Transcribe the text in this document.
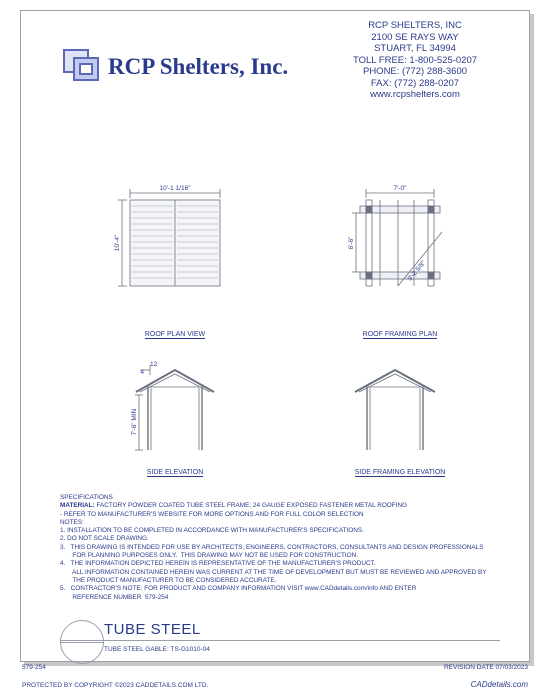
RCP Shelters, Inc.
RCP SHELTERS, INC
2100 SE RAYS WAY
STUART, FL 34994
TOLL FREE: 1-800-525-0207
PHONE: (772) 288-3600
FAX: (772) 288-0207
www.rcpshelters.com
10'-1 1/16"
10'-4"
7'-0"
6'-6"
9'-2 5/8"
12
4
7'-6" MIN
ROOF PLAN VIEW	ROOF FRAMING PLAN
SIDE ELEVATION	SIDE FRAMING ELEVATION
SPECIFICATIONS
MATERIAL: FACTORY POWDER COATED TUBE STEEL FRAME; 24 GAUGE EXPOSED FASTENER METAL ROOFING
- REFER TO MANUFACTURER'S WEBSITE FOR MORE OPTIONS AND FOR FULL COLOR SELECTION
NOTES:
1. INSTALLATION TO BE COMPLETED IN ACCORDANCE WITH MANUFACTURER'S SPECIFICATIONS.
2. DO NOT SCALE DRAWING.
3.   THIS DRAWING IS INTENDED FOR USE BY ARCHITECTS, ENGINEERS, CONTRACTORS, CONSULTANTS AND DESIGN PROFESSIONALS
FOR PLANNING PURPOSES ONLY.  THIS DRAWING MAY NOT BE USED FOR CONSTRUCTION.
4.   THE INFORMATION DEPICTED HEREIN IS REPRESENTATIVE OF THE MANUFACTURER'S PRODUCT.
ALL INFORMATION CONTAINED HEREIN WAS CURRENT AT THE TIME OF DEVELOPMENT BUT MUST BE REVIEWED AND APPROVED BY
THE PRODUCT MANUFACTURER TO BE CONSIDERED ACCURATE.
5.   CONTRACTOR'S NOTE: FOR PRODUCT AND COMPANY INFORMATION VISIT www.CADdetails.com/info AND ENTER
REFERENCE NUMBER  579-254
TUBE STEEL
TUBE STEEL GABLE: TS-G1010-04
579-254	REVISION DATE 07/03/2023
PROTECTED BY COPYRIGHT ©2023 CADDETAILS.COM LTD.	CADdetails.com
